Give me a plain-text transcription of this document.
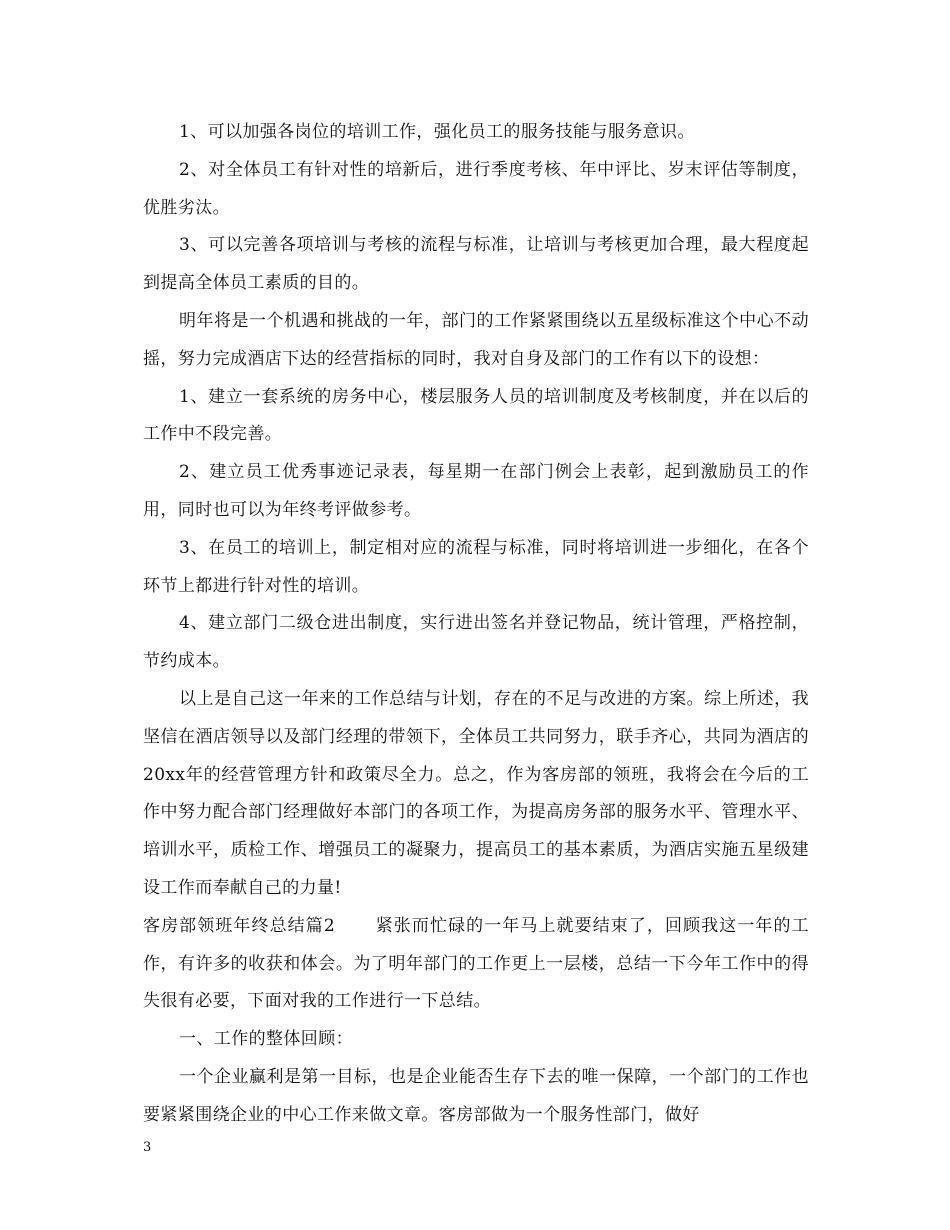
1、可以加强各岗位的培训工作，强化员工的服务技能与服务意识。

2、对全体员工有针对性的培新后，进行季度考核、年中评比、岁末评估等制度，优胜劣汰。

3、可以完善各项培训与考核的流程与标准，让培训与考核更加合理，最大程度起到提高全体员工素质的目的。

明年将是一个机遇和挑战的一年，部门的工作紧紧围绕以五星级标准这个中心不动摇，努力完成酒店下达的经营指标的同时，我对自身及部门的工作有以下的设想：

1、建立一套系统的房务中心，楼层服务人员的培训制度及考核制度，并在以后的工作中不段完善。

2、建立员工优秀事迹记录表，每星期一在部门例会上表彰，起到激励员工的作用，同时也可以为年终考评做参考。

3、在员工的培训上，制定相对应的流程与标准，同时将培训进一步细化，在各个环节上都进行针对性的培训。

4、建立部门二级仓进出制度，实行进出签名并登记物品，统计管理，严格控制，节约成本。

以上是自己这一年来的工作总结与计划，存在的不足与改进的方案。综上所述，我坚信在酒店领导以及部门经理的带领下，全体员工共同努力，联手齐心，共同为酒店的20xx年的经营管理方针和政策尽全力。总之，作为客房部的领班，我将会在今后的工作中努力配合部门经理做好本部门的各项工作，为提高房务部的服务水平、管理水平、培训水平，质检工作、增强员工的凝聚力，提高员工的基本素质，为酒店实施五星级建设工作而奉献自己的力量!

客房部领班年终总结篇2 紧张而忙碌的一年马上就要结束了，回顾我这一年的工作，有许多的收获和体会。为了明年部门的工作更上一层楼，总结一下今年工作中的得失很有必要，下面对我的工作进行一下总结。

一、工作的整体回顾：

一个企业赢利是第一目标，也是企业能否生存下去的唯一保障，一个部门的工作也要紧紧围绕企业的中心工作来做文章。客房部做为一个服务性部门，做好

3
